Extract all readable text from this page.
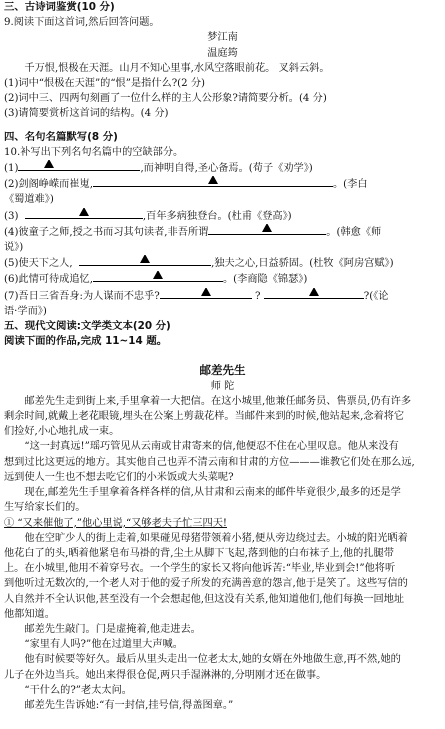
三、古诗词鉴赏(10 分)
9.阅读下面这首词,然后回答问题。
梦江南
温庭筠
千万恨,恨极在天涯。山月不知心里事,水风空落眼前花。 叉斜云斜。
(1)词中“恨极在天涯”的“恨”是指什么?(2 分)
(2)词中三、四两句刻画了一位什么样的主人公形象?请简要分析。(4 分)
(3)请简要赏析这首词的结构。(4 分)
四、名句名篇默写(8 分)
10.补写出下列名句名篇中的空缺部分。
(1)	,而神明自得,圣心备焉。(荀子《劝学》)
(2)剑阁峥嵘而崔嵬,	。(李白
《蜀道难》)
(3)	,百年多病独登台。(杜甫《登高》)
(4)彼童子之师,授之书而习其句读者,非吾所谓	。(韩愈《师
说》)
(5)使天下之人,	,独夫之心,日益骄固。(杜牧《阿房宫赋》)
(6)此情可待成追忆,	。(李商隐《锦瑟》)
(7)吾日三省吾身:为人谋而不忠乎?	?	?(《论
语·学而》)
五、现代文阅读:文学类文本(20 分)
阅读下面的作品,完成 11~14 题。
邮差先生
师 陀
邮差先生走到街上来,手里拿着一大把信。在这小城里,他兼任邮务员、售票员,仍有许多
剩余时间,就戴上老花眼镜,埋头在公案上剪裁花样。当邮件来到的时候,他站起来,念着将它
们捡好,小心地扎成一束。
“这一封真远!”瑶巧管见从云南或甘肃寄来的信,他便忍不住在心里叹息。他从来没有
想到过比这更远的地方。其实他自己也弄不清云南和甘肃的方位———谁教它们处在那么远,
远到使人一生也不想去吃它们的小米饭或大头菜呢?
现在,邮差先生手里拿着各样各样的信,从甘肃和云南来的邮件毕竟很少,最多的还是学
生写给家长们的。
① “又来催他了,”他心里说,“又够老夫子忙三四天!
他在空旷少人的街上走着,如果碰见母猪带领着小猪,便从旁边绕过去。小城的阳光晒着
他花白了的头,晒着他紧皂布马褂的背,尘土从脚下飞起,落到他的白布袜子上,他的扎腿带
上。在小城里,他用不着穿号衣。一个学生的家长又将向他诉苦:“毕业,毕业到会!”他将听
到他听过无数次的,一个老人对于他的爱子所发的充满善意的怨言,他于是笑了。这些写信的
人自然并不全认识他,甚至没有一个会想起他,但这没有关系,他知道他们,他们每换一回地址
他都知道。
邮差先生敲门。门是虚掩着,他走进去。
“家里有人吗?”他在过道里大声喊。
他有时候要等好久。最后从里头走出一位老太太,她的女婿在外地做生意,再不然,她的
儿子在外边当兵。她出来得很仓促,两只手湿淋淋的,分明刚才还在做事。
“干什么的?”老太太问。
邮差先生告诉她:“有一封信,挂号信,得盖图章。”
